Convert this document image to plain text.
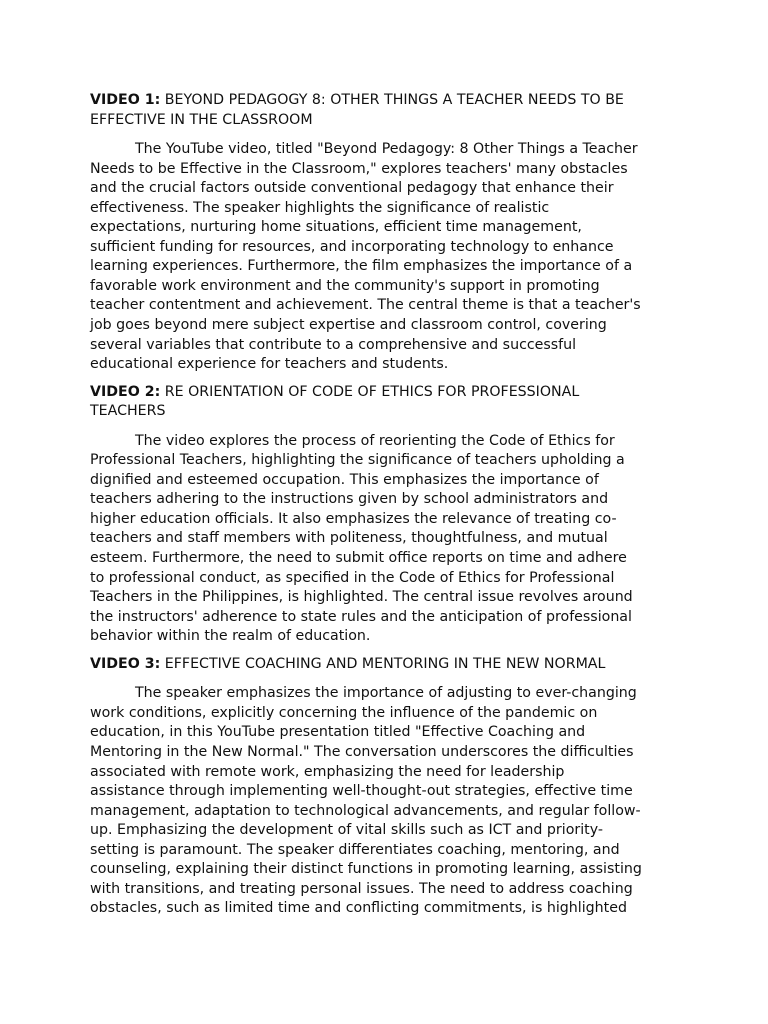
VIDEO 1: BEYOND PEDAGOGY 8: OTHER THINGS A TEACHER NEEDS TO BE
EFFECTIVE IN THE CLASSROOM
The YouTube video, titled "Beyond Pedagogy: 8 Other Things a Teacher
Needs to be Effective in the Classroom," explores teachers' many obstacles
and the crucial factors outside conventional pedagogy that enhance their
effectiveness. The speaker highlights the significance of realistic
expectations, nurturing home situations, efficient time management,
sufficient funding for resources, and incorporating technology to enhance
learning experiences. Furthermore, the film emphasizes the importance of a
favorable work environment and the community's support in promoting
teacher contentment and achievement. The central theme is that a teacher's
job goes beyond mere subject expertise and classroom control, covering
several variables that contribute to a comprehensive and successful
educational experience for teachers and students.
VIDEO 2: RE ORIENTATION OF CODE OF ETHICS FOR PROFESSIONAL
TEACHERS
The video explores the process of reorienting the Code of Ethics for
Professional Teachers, highlighting the significance of teachers upholding a
dignified and esteemed occupation. This emphasizes the importance of
teachers adhering to the instructions given by school administrators and
higher education officials. It also emphasizes the relevance of treating co-
teachers and staff members with politeness, thoughtfulness, and mutual
esteem. Furthermore, the need to submit office reports on time and adhere
to professional conduct, as specified in the Code of Ethics for Professional
Teachers in the Philippines, is highlighted. The central issue revolves around
the instructors' adherence to state rules and the anticipation of professional
behavior within the realm of education.
VIDEO 3: EFFECTIVE COACHING AND MENTORING IN THE NEW NORMAL
The speaker emphasizes the importance of adjusting to ever-changing
work conditions, explicitly concerning the influence of the pandemic on
education, in this YouTube presentation titled "Effective Coaching and
Mentoring in the New Normal." The conversation underscores the difficulties
associated with remote work, emphasizing the need for leadership
assistance through implementing well-thought-out strategies, effective time
management, adaptation to technological advancements, and regular follow-
up. Emphasizing the development of vital skills such as ICT and priority-
setting is paramount. The speaker differentiates coaching, mentoring, and
counseling, explaining their distinct functions in promoting learning, assisting
with transitions, and treating personal issues. The need to address coaching
obstacles, such as limited time and conflicting commitments, is highlighted
